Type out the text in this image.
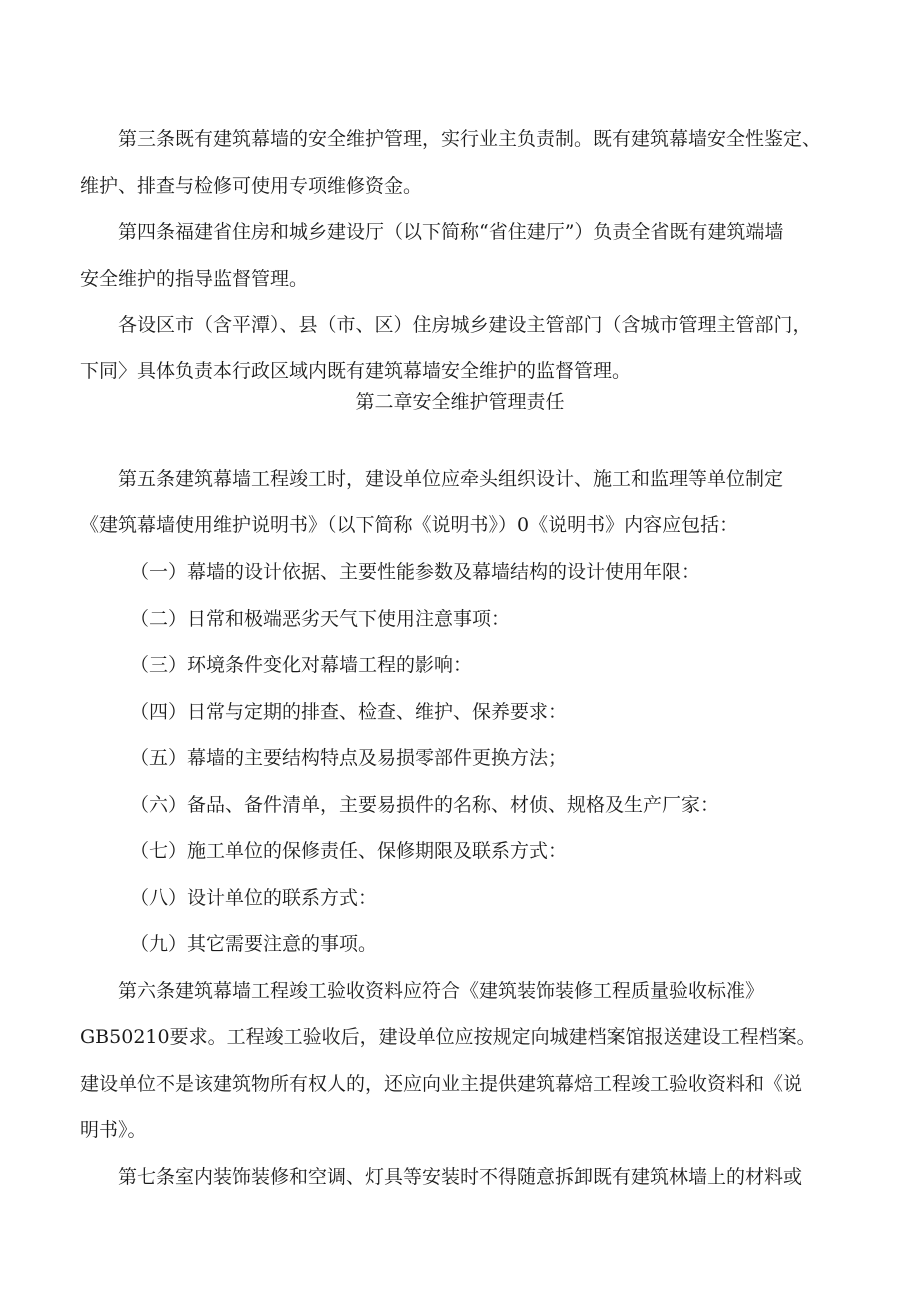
第三条既有建筑幕墙的安全维护管理，实行业主负责制。既有建筑幕墙安全性鉴定、
维护、排查与检修可使用专项维修资金。
第四条福建省住房和城乡建设厅（以下简称“省住建厅”）负责全省既有建筑端墙
安全维护的指导监督管理。
各设区市（含平潭）、县（市、区）住房城乡建设主管部门（含城市管理主管部门，
下同〉具体负责本行政区域内既有建筑幕墙安全维护的监督管理。
第二章安全维护管理责任
第五条建筑幕墙工程竣工时，建设单位应牵头组织设计、施工和监理等单位制定
《建筑幕墙使用维护说明书》（以下简称《说明书》）0《说明书》内容应包括：
（一）幕墙的设计依据、主要性能参数及幕墙结构的设计使用年限：
（二）日常和极端恶劣天气下使用注意事项：
（三）环境条件变化对幕墙工程的影响：
（四）日常与定期的排查、检查、维护、保养要求：
（五）幕墙的主要结构特点及易损零部件更换方法；
（六）备品、备件清单，主要易损件的名称、材侦、规格及生产厂家：
（七）施工单位的保修责任、保修期限及联系方式：
（八）设计单位的联系方式：
（九）其它需要注意的事项。
第六条建筑幕墙工程竣工验收资料应符合《建筑装饰装修工程质量验收标准》
GB50210要求。工程竣工验收后，建设单位应按规定向城建档案馆报送建设工程档案。
建设单位不是该建筑物所有权人的，还应向业主提供建筑幕焙工程竣工验收资料和《说
明书》。
第七条室内装饰装修和空调、灯具等安装时不得随意拆卸既有建筑林墙上的材料或
